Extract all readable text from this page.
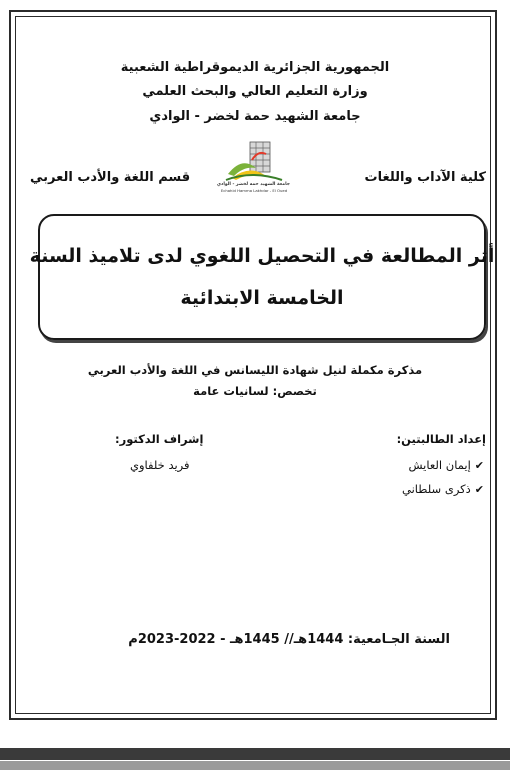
الجمهورية الجزائرية الديموقراطية الشعبية
وزارة التعليم العالي والبحث العلمي
جامعة الشهيد حمة لخضر - الوادي
كلية الآداب واللغات
قسم اللغة والأدب العربي	جامعة الشهيد حمه لخضر - الوادي
Echahid Hamma Lakhdar - El Oued
أثر المطالعة في التحصيل اللغوي لدى تلاميذ السنة
الخامسة الابتدائية
مذكرة مكملة لنيل شهادة الليسانس في اللغة والأدب العربي
تخصص: لسانيات عامة
إعداد الطالبتين:
✔إيمان العايش
✔ذكرى سلطاني
إشراف الدكتور:
فريد خلفاوي
السنة الجـامعية: 1444هـ// 1445هـ - 2022-2023م
